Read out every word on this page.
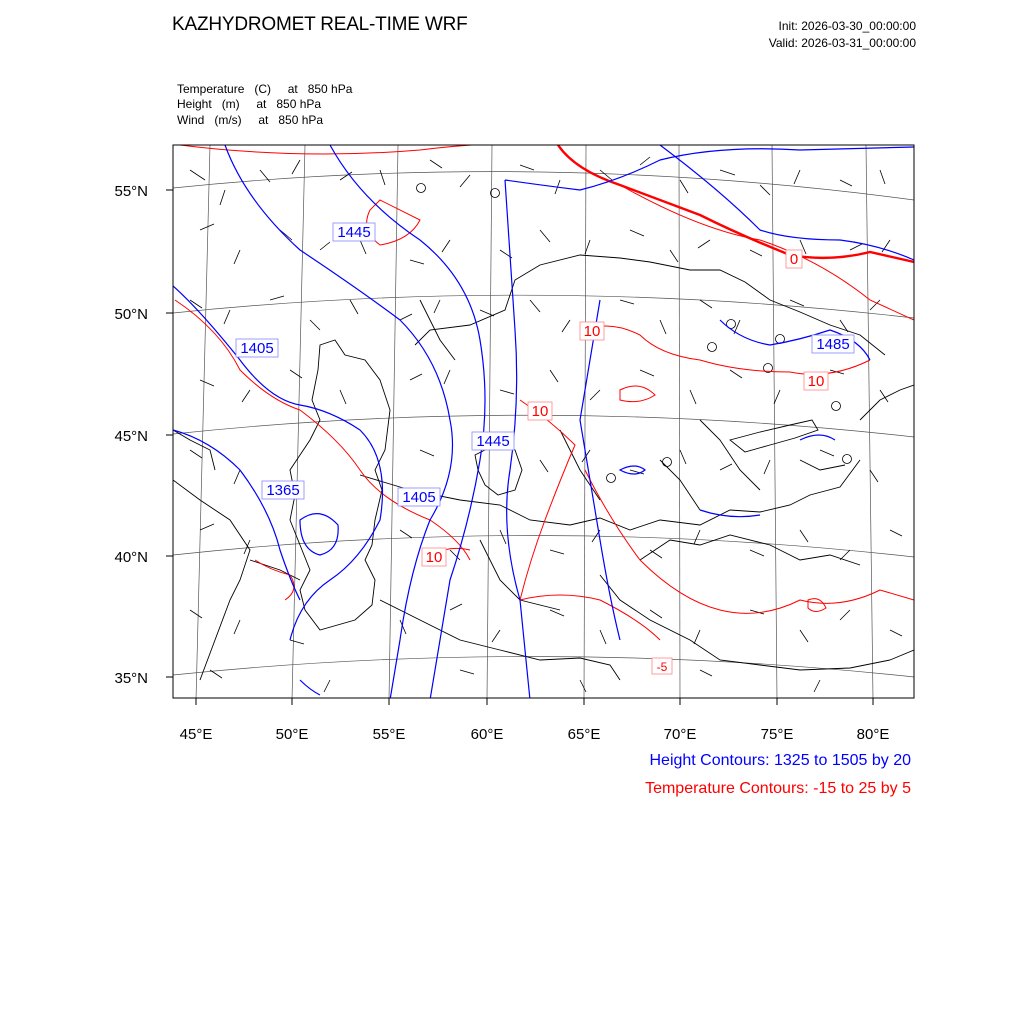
KAZHYDROMET REAL-TIME WRF	Init: 2026-03-30_00:00:00
Valid: 2026-03-31_00:00:00
Temperature   (C)     at   850 hPa
Height   (m)     at   850 hPa
Wind   (m/s)     at   850 hPa
1445
1405
1365	1405
1445
1485
0
10
10
10
10
-5
55°N
50°N
45°N
40°N
35°N
45°E	50°E	55°E	60°E	65°E	70°E	75°E	80°E
Height Contours: 1325 to 1505 by 20
Temperature Contours: -15 to 25 by 5
